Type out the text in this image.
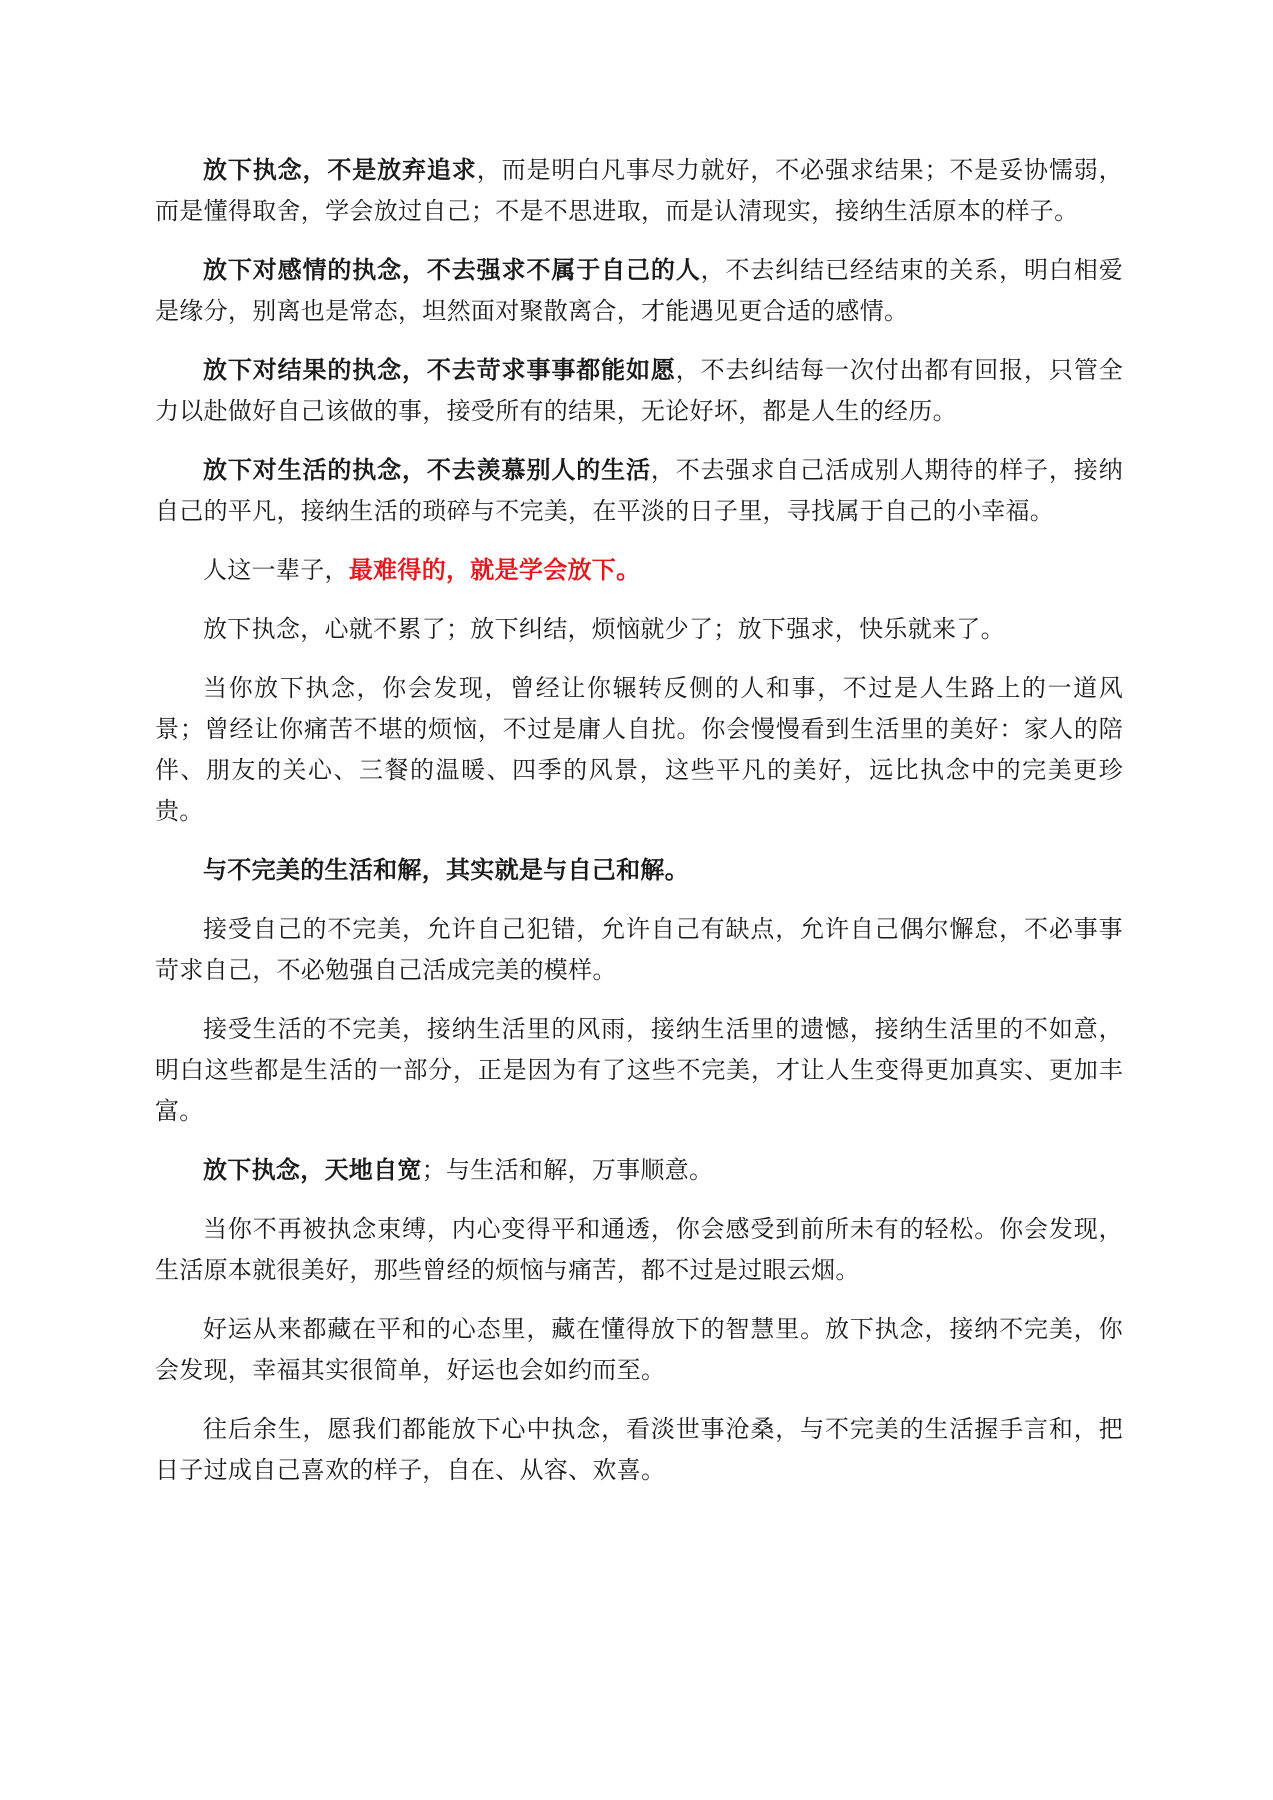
放下执念，不是放弃追求，而是明白凡事尽力就好，不必强求结果；不是妥协懦弱，而是懂得取舍，学会放过自己；不是不思进取，而是认清现实，接纳生活原本的样子。

放下对感情的执念，不去强求不属于自己的人，不去纠结已经结束的关系，明白相爱是缘分，别离也是常态，坦然面对聚散离合，才能遇见更合适的感情。

放下对结果的执念，不去苛求事事都能如愿，不去纠结每一次付出都有回报，只管全力以赴做好自己该做的事，接受所有的结果，无论好坏，都是人生的经历。

放下对生活的执念，不去羡慕别人的生活，不去强求自己活成别人期待的样子，接纳自己的平凡，接纳生活的琐碎与不完美，在平淡的日子里，寻找属于自己的小幸福。

人这一辈子，最难得的，就是学会放下。

放下执念，心就不累了；放下纠结，烦恼就少了；放下强求，快乐就来了。

当你放下执念，你会发现，曾经让你辗转反侧的人和事，不过是人生路上的一道风景；曾经让你痛苦不堪的烦恼，不过是庸人自扰。你会慢慢看到生活里的美好：家人的陪伴、朋友的关心、三餐的温暖、四季的风景，这些平凡的美好，远比执念中的完美更珍贵。

与不完美的生活和解，其实就是与自己和解。

接受自己的不完美，允许自己犯错，允许自己有缺点，允许自己偶尔懈怠，不必事事苛求自己，不必勉强自己活成完美的模样。

接受生活的不完美，接纳生活里的风雨，接纳生活里的遗憾，接纳生活里的不如意，明白这些都是生活的一部分，正是因为有了这些不完美，才让人生变得更加真实、更加丰富。

放下执念，天地自宽；与生活和解，万事顺意。

当你不再被执念束缚，内心变得平和通透，你会感受到前所未有的轻松。你会发现，生活原本就很美好，那些曾经的烦恼与痛苦，都不过是过眼云烟。

好运从来都藏在平和的心态里，藏在懂得放下的智慧里。放下执念，接纳不完美，你会发现，幸福其实很简单，好运也会如约而至。

往后余生，愿我们都能放下心中执念，看淡世事沧桑，与不完美的生活握手言和，把日子过成自己喜欢的样子，自在、从容、欢喜。
